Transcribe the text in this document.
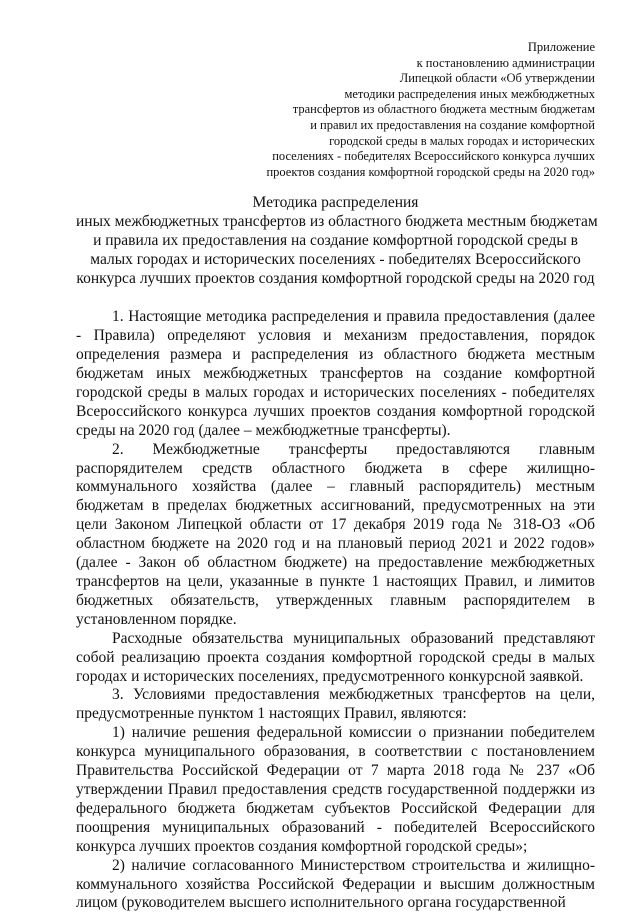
Приложение
к постановлению администрации
Липецкой области «Об утверждении
методики распределения иных межбюджетных
трансфертов из областного бюджета местным бюджетам
и правил их предоставления на создание комфортной
городской среды в малых городах и исторических
поселениях - победителях Всероссийского конкурса лучших
проектов создания комфортной городской среды на 2020 год»
Методика распределения
иных межбюджетных трансфертов из областного бюджета местным бюджетам
и правила их предоставления на создание комфортной городской среды в
малых городах и исторических поселениях - победителях Всероссийского
конкурса лучших проектов создания комфортной городской среды на 2020 год

1. Настоящие методика распределения и правила предоставления (далее - Правила) определяют условия и механизм предоставления, порядок определения размера и распределения из областного бюджета местным бюджетам иных межбюджетных трансфертов на создание комфортной городской среды в малых городах и исторических поселениях - победителях Всероссийского конкурса лучших проектов создания комфортной городской среды на 2020 год (далее – межбюджетные трансферты).

2. Межбюджетные трансферты предоставляются главным распорядителем средств областного бюджета в сфере жилищно-коммунального хозяйства (далее – главный распорядитель) местным бюджетам в пределах бюджетных ассигнований, предусмотренных на эти цели Законом Липецкой области от 17 декабря 2019 года № 318-ОЗ «Об областном бюджете на 2020 год и на плановый период 2021 и 2022 годов» (далее - Закон об областном бюджете) на предоставление межбюджетных трансфертов на цели, указанные в пункте 1 настоящих Правил, и лимитов бюджетных обязательств, утвержденных главным распорядителем в установленном порядке.

Расходные обязательства муниципальных образований представляют собой реализацию проекта создания комфортной городской среды в малых городах и исторических поселениях, предусмотренного конкурсной заявкой.

3. Условиями предоставления межбюджетных трансфертов на цели, предусмотренные пунктом 1 настоящих Правил, являются:

1) наличие решения федеральной комиссии о признании победителем конкурса муниципального образования, в соответствии с постановлением Правительства Российской Федерации от 7 марта 2018 года № 237 «Об утверждении Правил предоставления средств государственной поддержки из федерального бюджета бюджетам субъектов Российской Федерации для поощрения муниципальных образований - победителей Всероссийского конкурса лучших проектов создания комфортной городской среды»;

2) наличие согласованного Министерством строительства и жилищно-коммунального хозяйства Российской Федерации и высшим должностным лицом (руководителем высшего исполнительного органа государственной
